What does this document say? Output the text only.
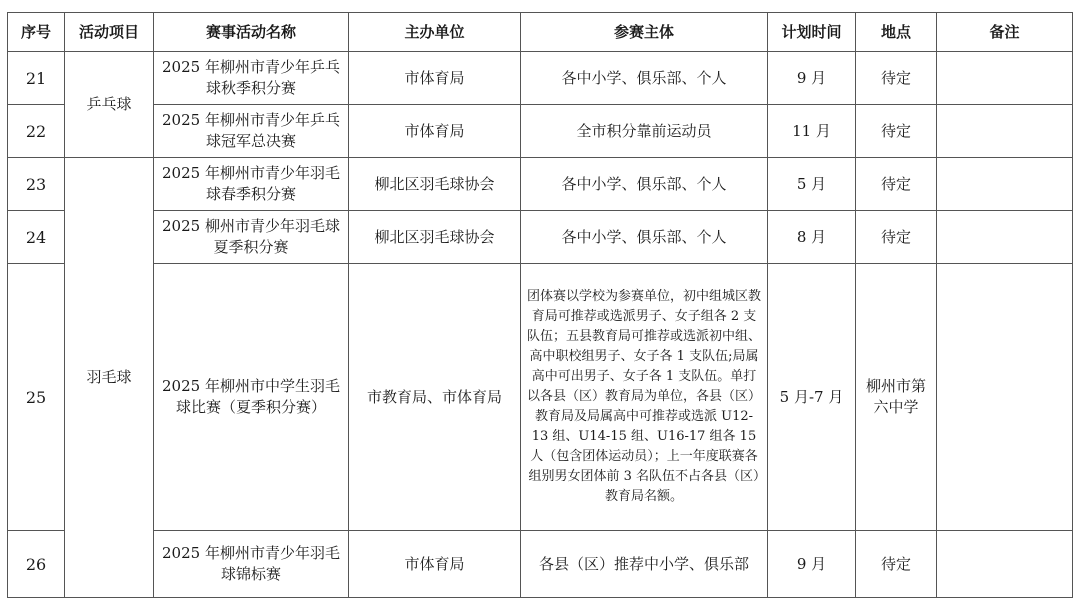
序号	活动项目	赛事活动名称	主办单位	参赛主体	计划时间	地点	备注
21	乒乓球	2025 年柳州市青少年乒乓球秋季积分赛	市体育局	各中小学、俱乐部、个人	9 月	待定	
22		2025 年柳州市青少年乒乓球冠军总决赛	市体育局	全市积分靠前运动员	11 月	待定	
23	羽毛球	2025 年柳州市青少年羽毛球春季积分赛	柳北区羽毛球协会	各中小学、俱乐部、个人	5 月	待定	
24		2025 柳州市青少年羽毛球夏季积分赛	柳北区羽毛球协会	各中小学、俱乐部、个人	8 月	待定	
25		2025 年柳州市中学生羽毛球比赛（夏季积分赛）	市教育局、市体育局	团体赛以学校为参赛单位，初中组城区教育局可推荐或选派男子、女子组各 2 支队伍；五县教育局可推荐或选派初中组、高中职校组男子、女子各 1 支队伍;局属高中可出男子、女子各 1 支队伍。单打以各县（区）教育局为单位，各县（区）教育局及局属高中可推荐或选派 U12-13 组、U14-15 组、U16-17 组各 15 人（包含团体运动员）；上一年度联赛各组别男女团体前 3 名队伍不占各县（区）教育局名额。	5 月-7 月	柳州市第六中学	
26		2025 年柳州市青少年羽毛球锦标赛	市体育局	各县（区）推荐中小学、俱乐部	9 月	待定	
